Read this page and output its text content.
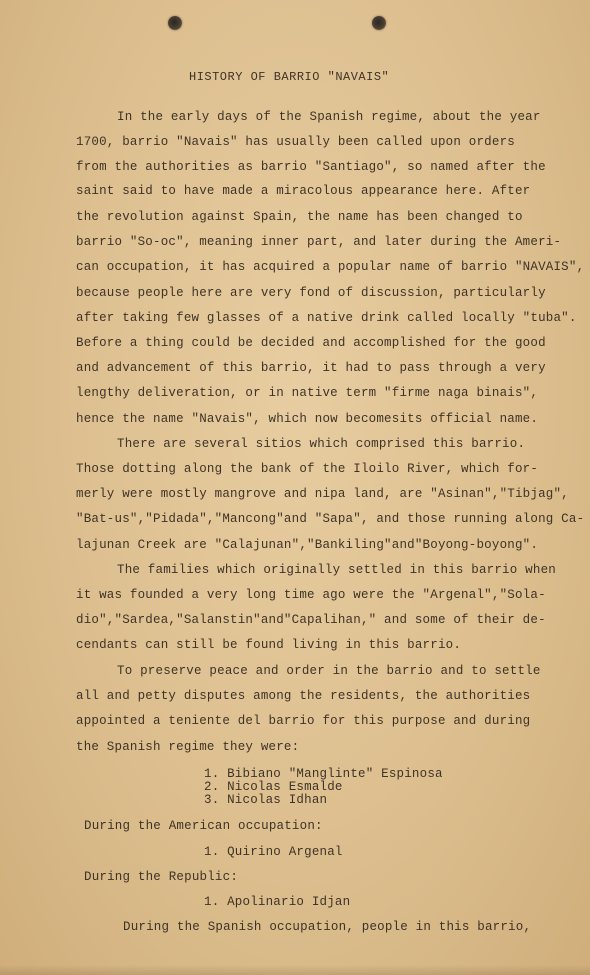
HISTORY OF BARRIO "NAVAIS"
In the early days of the Spanish regime, about the year
1700, barrio "Navais" has usually been called upon orders
from the authorities as barrio "Santiago", so named after the
saint said to have made a miracolous appearance here. After
the revolution against Spain, the name has been changed to
barrio "So-oc", meaning inner part, and later during the Ameri-
can occupation, it has acquired a popular name of barrio "NAVAIS",
because people here are very fond of discussion, particularly
after taking few glasses of a native drink called locally "tuba".
Before a thing could be decided and accomplished for the good
and advancement of this barrio, it had to pass through a very
lengthy deliveration, or in native term "firme naga binais",
hence the name "Navais", which now becomesits official name.
There are several sitios which comprised this barrio.
Those dotting along the bank of the Iloilo River, which for-
merly were mostly mangrove and nipa land, are "Asinan","Tibjag",
"Bat-us","Pidada","Mancong"and "Sapa", and those running along Ca-
lajunan Creek are "Calajunan","Bankiling"and"Boyong-boyong".
The families which originally settled in this barrio when
it was founded a very long time ago were the "Argenal","Sola-
dio","Sardea,"Salanstin"and"Capalihan," and some of their de-
cendants can still be found living in this barrio.
To preserve peace and order in the barrio and to settle
all and petty disputes among the residents, the authorities
appointed a teniente del barrio for this purpose and during
the Spanish regime they were:
1. Bibiano "Manglinte" Espinosa
2. Nicolas Esmalde
3. Nicolas Idhan
During the American occupation:
1. Quirino Argenal
During the Republic:
1. Apolinario Idjan
During the Spanish occupation, people in this barrio,
